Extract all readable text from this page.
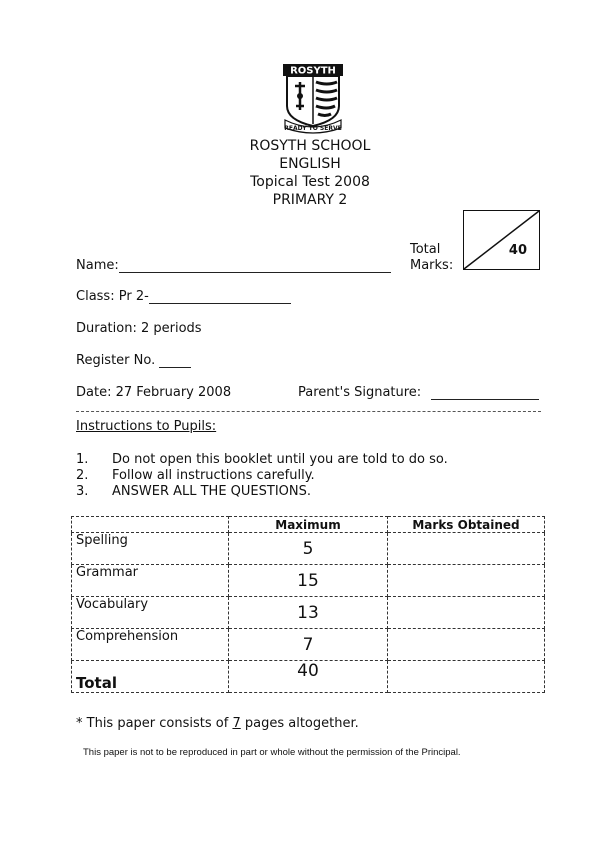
ROSYTH
READY TO SERVE
ROSYTH SCHOOL
ENGLISH
Topical Test 2008
PRIMARY 2
Total
Marks:
40
Name:
Class: Pr 2-
Duration: 2 periods
Register No.
Date: 27 February 2008	Parent's Signature:
Instructions to Pupils:
1.	Do not open this booklet until you are told to do so.
2.	Follow all instructions carefully.
3.	ANSWER ALL THE QUESTIONS.
	Maximum	Marks Obtained
Spelling	5	
Grammar	15	
Vocabulary	13	
Comprehension	7	
Total	40	
* This paper consists of 7 pages altogether.
This paper is not to be reproduced in part or whole without the permission of the Principal.
